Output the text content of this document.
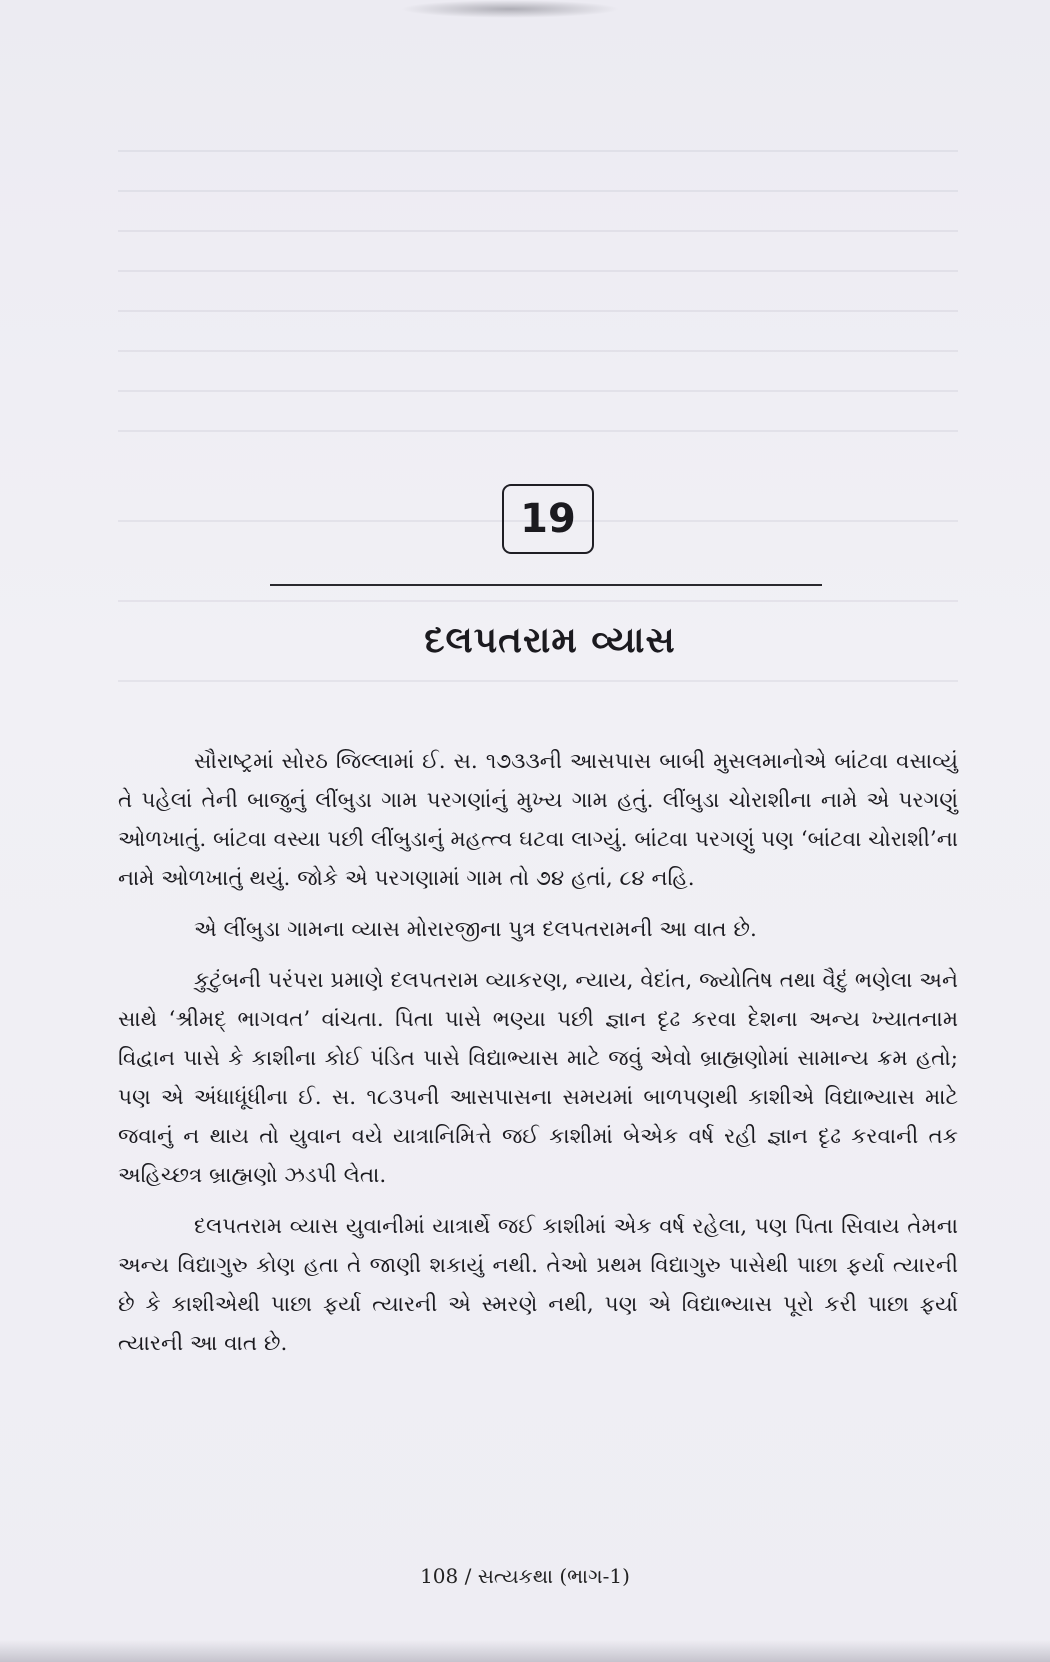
19
દલપતરામ વ્યાસ

સૌરાષ્ટ્રમાં સોરઠ જિલ્લામાં ઈ. સ. ૧૭૩૩ની આસપાસ બાબી મુસલમાનોએ બાંટવા વસાવ્યું તે પહેલાં તેની બાજુનું લીંબુડા ગામ પરગણાંનું મુખ્ય ગામ હતું. લીંબુડા ચોરાશીના નામે એ પરગણું ઓળખાતું. બાંટવા વસ્યા પછી લીંબુડાનું મહત્ત્વ ઘટવા લાગ્યું. બાંટવા પરગણું પણ ‘બાંટવા ચોરાશી’ના નામે ઓળખાતું થયું. જોકે એ પરગણામાં ગામ તો ૭૪ હતાં, ૮૪ નહિ.

એ લીંબુડા ગામના વ્યાસ મોરારજીના પુત્ર દલપતરામની આ વાત છે.

કુટુંબની પરંપરા પ્રમાણે દલપતરામ વ્યાકરણ, ન્યાય, વેદાંત, જ્યોતિષ તથા વૈદું ભણેલા અને સાથે ‘શ્રીમદ્ ભાગવત’ વાંચતા. પિતા પાસે ભણ્યા પછી જ્ઞાન દૃઢ કરવા દેશના અન્ય ખ્યાતનામ વિદ્વાન પાસે કે કાશીના કોઈ પંડિત પાસે વિદ્યાભ્યાસ માટે જવું એવો બ્રાહ્મણોમાં સામાન્ય ક્રમ હતો; પણ એ અંધાધૂંધીના ઈ. સ. ૧૮૩૫ની આસપાસના સમયમાં બાળપણથી કાશીએ વિદ્યાભ્યાસ માટે જવાનું ન થાય તો યુવાન વયે યાત્રાનિમિત્તે જઈ કાશીમાં બેએક વર્ષ રહી જ્ઞાન દૃઢ કરવાની તક અહિચ્છત્ર બ્રાહ્મણો ઝડપી લેતા.

દલપતરામ વ્યાસ યુવાનીમાં યાત્રાર્થે જઈ કાશીમાં એક વર્ષ રહેલા, પણ પિતા સિવાય તેમના અન્ય વિદ્યાગુરુ કોણ હતા તે જાણી શકાયું નથી. તેઓ પ્રથમ વિદ્યાગુરુ પાસેથી પાછા ફર્યા ત્યારની છે કે કાશીએથી પાછા ફર્યા ત્યારની એ સ્મરણે નથી, પણ એ વિદ્યાભ્યાસ પૂરો કરી પાછા ફર્યા ત્યારની આ વાત છે.

108 / સત્યકથા (ભાગ-1)
